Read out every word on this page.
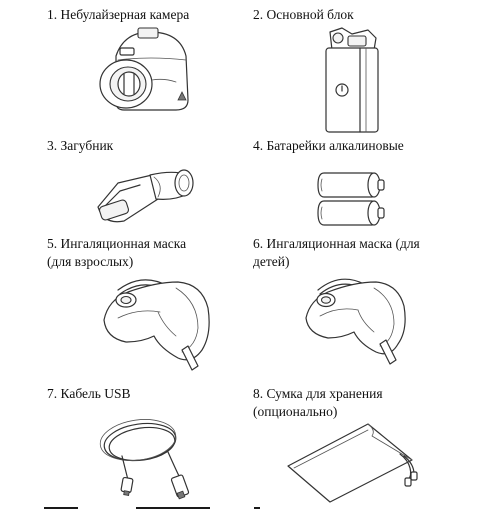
1. Небулайзерная камера	2. Основной блок
3. Загубник	4. Батарейки алкалиновые
5. Ингаляционная маска
(для взрослых)
6. Ингаляционная маска (для
детей)
7. Кабель USB	8. Сумка для хранения
(опционально)
